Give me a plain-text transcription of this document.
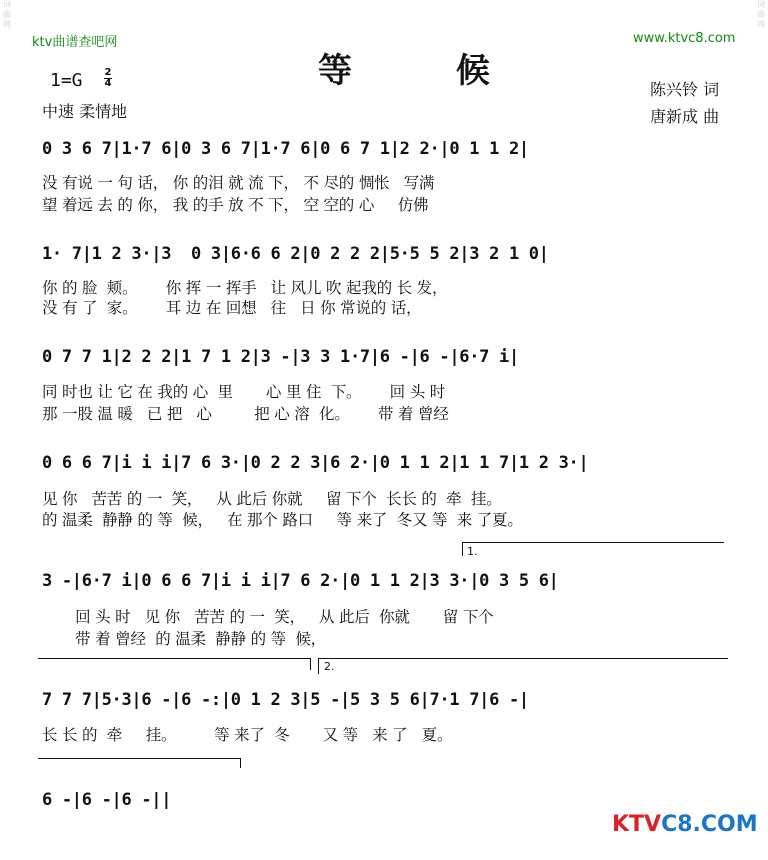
词
曲
网
词
曲
网
ktv曲谱查吧网	www.ktvc8.com
等 候
1=G 2
4
中速 柔情地
陈兴铃 词
唐新成 曲
0 3 6 7|1·7 6|0 3 6 7|1·7 6|0 6 7 1|2 2·|0 1 1 2|
没 有说 一 句 话， 你 的泪 就 流 下， 不 尽的 惆怅   写满
望 着远 去 的 你， 我 的手 放 不 下， 空 空的 心     仿佛
1· 7|1 2 3·|3  0 3|6·6 6 2|0 2 2 2|5·5 5 2|3 2 1 0|
你 的 脸  颊。      你 挥 一 挥手   让 风儿 吹 起我的 长 发，
没 有 了  家。      耳 边 在 回想   往   日 你 常说的 话，
0 7 7 1|2 2 2|1 7 1 2|3 -|3 3 1·7|6 -|6 -|6·7 i|
同 时也 让 它 在 我的 心  里       心 里 住  下。      回 头 时
那 一股 温 暖   已 把   心         把 心 溶  化。      带 着 曾经
0 6 6 7|i i i|7 6 3·|0 2 2 3|6 2·|0 1 1 2|1 1 7|1 2 3·|
见 你   苦苦 的 一  笑，   从 此后 你就     留 下个  长长 的  牵  挂。
的 温柔  静静 的 等  候，   在 那个 路口     等 来了  冬又 等  来 了夏。
1.
3 -|6·7 i|0 6 6 7|i i i|7 6 2·|0 1 1 2|3 3·|0 3 5 6|
回 头 时   见 你   苦苦 的 一  笑，   从 此后  你就       留 下个
带 着 曾经  的 温柔  静静 的 等  候，
2.
7 7 7|5·3|6 -|6 -:|0 1 2 3|5 -|5 3 5 6|7·1 7|6 -|
长 长 的  牵     挂。        等 来了  冬       又 等   来 了   夏。
6 -|6 -|6 -||
KTVC8.COM
